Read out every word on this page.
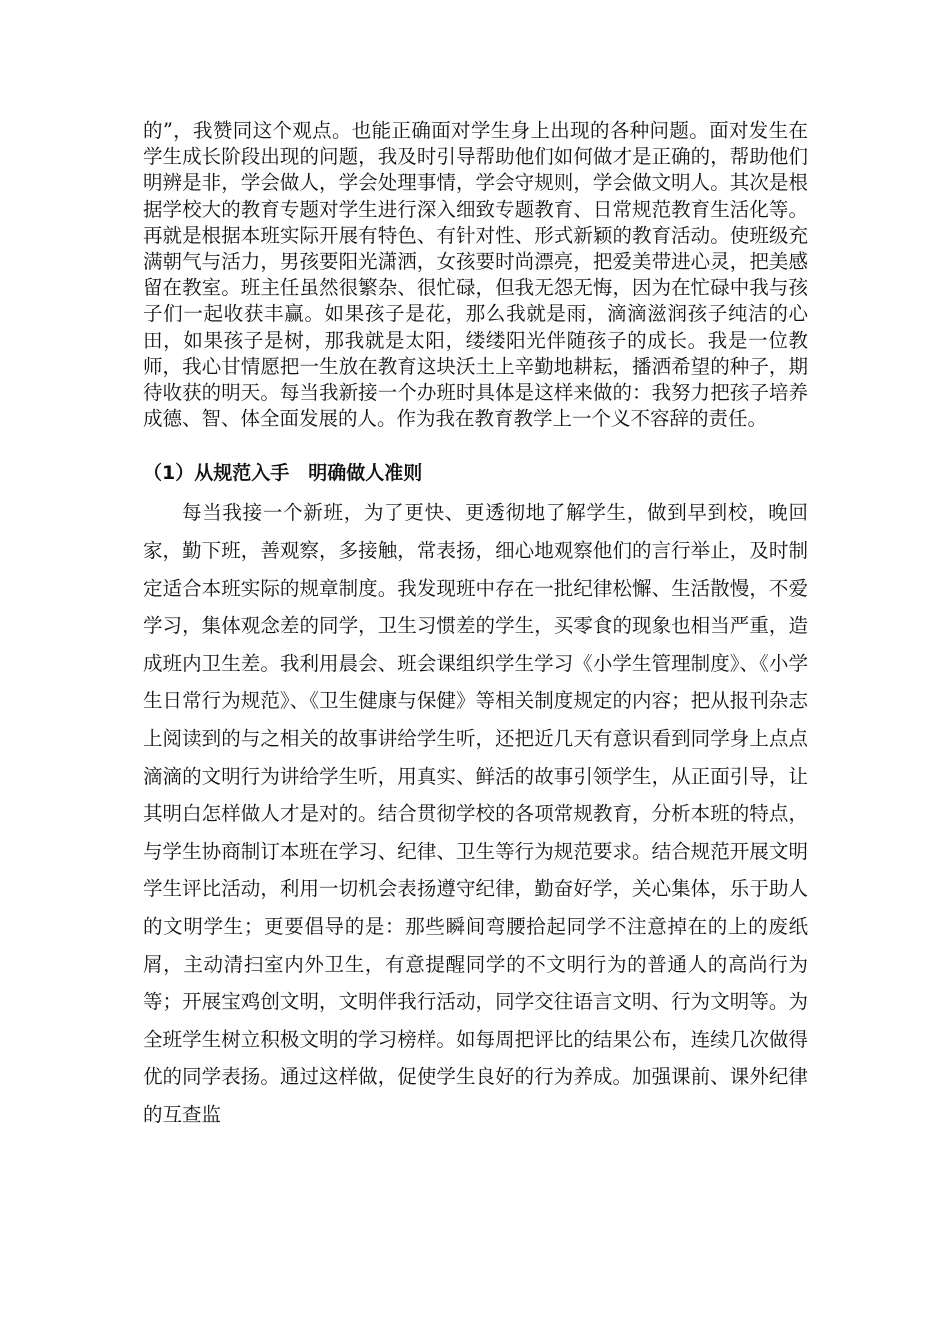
的”，我赞同这个观点。也能正确面对学生身上出现的各种问题。面对发生在学生成长阶段出现的问题，我及时引导帮助他们如何做才是正确的，帮助他们明辨是非，学会做人，学会处理事情，学会守规则，学会做文明人。其次是根据学校大的教育专题对学生进行深入细致专题教育、日常规范教育生活化等。再就是根据本班实际开展有特色、有针对性、形式新颖的教育活动。使班级充满朝气与活力，男孩要阳光潇洒，女孩要时尚漂亮，把爱美带进心灵，把美感留在教室。班主任虽然很繁杂、很忙碌，但我无怨无悔，因为在忙碌中我与孩子们一起收获丰赢。如果孩子是花，那么我就是雨，滴滴滋润孩子纯洁的心田，如果孩子是树，那我就是太阳，缕缕阳光伴随孩子的成长。我是一位教师，我心甘情愿把一生放在教育这块沃土上辛勤地耕耘，播洒希望的种子，期待收获的明天。每当我新接一个办班时具体是这样来做的：我努力把孩子培养成德、智、体全面发展的人。作为我在教育教学上一个义不容辞的责任。

（1）从规范入手　明确做人准则

每当我接一个新班，为了更快、更透彻地了解学生，做到早到校，晚回家，勤下班，善观察，多接触，常表扬，细心地观察他们的言行举止，及时制定适合本班实际的规章制度。我发现班中存在一批纪律松懈、生活散慢，不爱学习，集体观念差的同学，卫生习惯差的学生，买零食的现象也相当严重，造成班内卫生差。我利用晨会、班会课组织学生学习《小学生管理制度》、《小学生日常行为规范》、《卫生健康与保健》等相关制度规定的内容；把从报刊杂志上阅读到的与之相关的故事讲给学生听，还把近几天有意识看到同学身上点点滴滴的文明行为讲给学生听，用真实、鲜活的故事引领学生，从正面引导，让其明白怎样做人才是对的。结合贯彻学校的各项常规教育，分析本班的特点，与学生协商制订本班在学习、纪律、卫生等行为规范要求。结合规范开展文明学生评比活动，利用一切机会表扬遵守纪律，勤奋好学，关心集体，乐于助人的文明学生；更要倡导的是：那些瞬间弯腰拾起同学不注意掉在的上的废纸屑，主动清扫室内外卫生，有意提醒同学的不文明行为的普通人的高尚行为等；开展宝鸡创文明，文明伴我行活动，同学交往语言文明、行为文明等。为全班学生树立积极文明的学习榜样。如每周把评比的结果公布，连续几次做得优的同学表扬。通过这样做，促使学生良好的行为养成。加强课前、课外纪律的互查监
